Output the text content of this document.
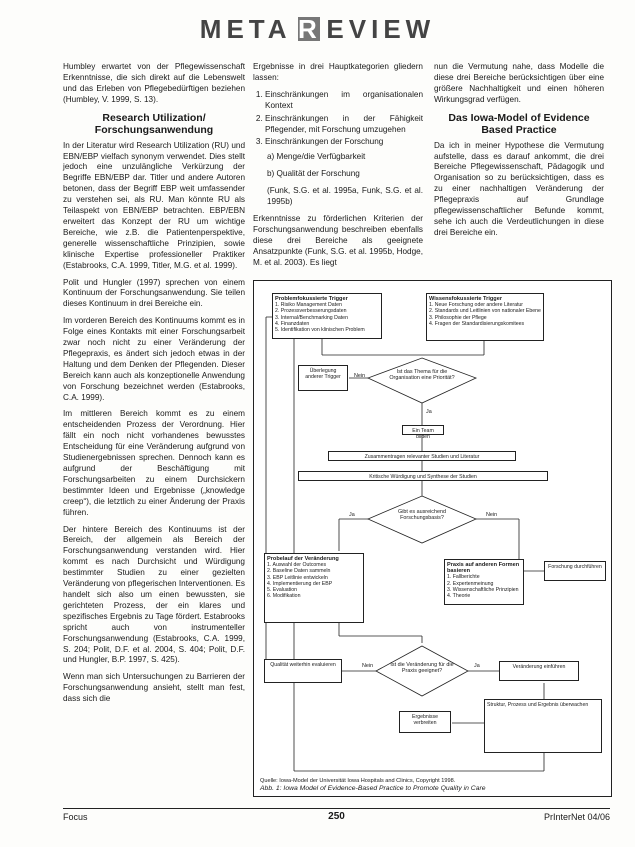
META R EVIEW

Humbley erwartet von der Pflegewissenschaft Erkenntnisse, die sich direkt auf die Lebenswelt und das Erleben von Pflegebedürftigen beziehen (Humbley, V. 1999, S. 13).

Research Utilization/ Forschungsanwendung

In der Literatur wird Research Utilization (RU) und EBN/EBP vielfach synonym verwendet. Dies stellt jedoch eine unzulängliche Verkürzung der Begriffe EBN/EBP dar. Titler und andere Autoren betonen, dass der Begriff EBP weit umfassender zu verstehen sei, als RU. Man könnte RU als Teilaspekt von EBN/EBP betrachten. EBP/EBN erweitert das Konzept der RU um wichtige Bereiche, wie z.B. die Patientenperspektive, generelle wissenschaftliche Prinzipien, sowie klinische Expertise professioneller Praktiker (Estabrooks, C.A. 1999, Titler, M.G. et al. 1999).

Polit und Hungler (1997) sprechen von einem Kontinuum der Forschungsanwendung. Sie teilen dieses Kontinuum in drei Bereiche ein.

Im vorderen Bereich des Kontinuums kommt es in Folge eines Kontakts mit einer Forschungsarbeit zwar noch nicht zu einer Veränderung der Pflegepraxis, es ändert sich jedoch etwas in der Haltung und dem Denken der Pflegenden. Dieser Bereich kann auch als konzeptionelle Anwendung von Forschung bezeichnet werden (Estabrooks, C.A. 1999).

Im mittleren Bereich kommt es zu einem entscheidenden Prozess der Verordnung. Hier fällt ein noch nicht vorhandenes bewusstes Entscheidung für eine Veränderung aufgrund von Studienergebnissen sprechen. Dennoch kann es aufgrund der Beschäftigung mit Forschungsarbeiten zu einem Durchsickern bestimmter Ideen und Ergebnisse („knowledge creep“), die letztlich zu einer Änderung der Praxis führen.

Der hintere Bereich des Kontinuums ist der Bereich, der allgemein als Bereich der Forschungsanwendung verstanden wird. Hier kommt es nach Durchsicht und Würdigung bestimmter Studien zu einer gezielten Veränderung von pflegerischen Interventionen. Es handelt sich also um einen bewussten, sie gerichteten Prozess, der ein klares und spezifisches Ergebnis zu Tage fördert. Estabrooks spricht auch von instrumenteller Forschungsanwendung (Estabrooks, C.A. 1999, S. 204; Polit, D.F. et al. 2004, S. 404; Polit, D.F. und Hungler, B.P. 1997, S. 425).

Wenn man sich Untersuchungen zu Barrieren der Forschungsanwendung ansieht, stellt man fest, dass sich die

Ergebnisse in drei Hauptkategorien gliedern lassen:

1. Einschränkungen im organisationalen Kontext
2. Einschränkungen in der Fähigkeit Pflegender, mit Forschung umzugehen
3. Einschränkungen der Forschung

a) Menge/die Verfügbarkeit

b) Qualität der Forschung

(Funk, S.G. et al. 1995a, Funk, S.G. et al. 1995b)

Erkenntnisse zu förderlichen Kriterien der Forschungsanwendung beschreiben ebenfalls diese drei Bereiche als geeignete Ansatzpunkte (Funk, S.G. et al. 1995b, Hodge, M. et al. 2003). Es liegt

nun die Vermutung nahe, dass Modelle die diese drei Bereiche berücksichtigen über eine größere Nachhaltigkeit und einen höheren Wirkungsgrad verfügen.

Das Iowa-Model of Evidence Based Practice

Da ich in meiner Hypothese die Vermutung aufstelle, dass es darauf ankommt, die drei Bereiche Pflegewissenschaft, Pädagogik und Organisation so zu berücksichtigen, dass es zu einer nachhaltigen Veränderung der Pflegepraxis auf Grundlage pflegewissenschaftlicher Befunde kommt, sehe ich auch die Verdeutlichungen in diese drei Bereiche ein.

Problemfokussierte Trigger
1. Risiko Management Daten
2. Prozessverbesserungsdaten
3. Internal/Benchmarking Daten
4. Finanzdaten
5. Identifikation von klinischen Problem
Wissensfokussierte Trigger
1. Neue Forschung oder andere Literatur
2. Standards und Leitlinien von nationaler Ebene
3. Philosophie der Pflege
4. Fragen der Standardisierungskomitees
Überlegung anderer Trigger
Ist das Thema für die Organisation eine Priorität?
Nein
Ja
Ein Team bilden
Zusammentragen relevanter Studien und Literatur
Kritische Würdigung und Synthese der Studien
Gibt es ausreichend Forschungsbasis?
Ja	Nein
Probelauf der Veränderung
1. Auswahl der Outcomes
2. Baseline Daten sammeln
3. EBP Leitlinie entwickeln
4. Implementierung der EBP
5. Evaluation
6. Modifikation
Praxis auf anderen Formen basieren
1. Fallberichte
2. Expertenmeinung
3. Wissenschaftliche Prinzipien
4. Theorie
Forschung durchführen
Ist die Veränderung für die Praxis geeignet?
Nein	Ja
Qualität weiterhin evaluieren	Veränderung einführen
Struktur, Prozess und Ergebnis überwachen
Ergebnisse verbreiten
Quelle: Iowa-Model der Universität Iowa Hospitals and Clinics, Copyright 1998.
Abb. 1: Iowa Model of Evidence-Based Practice to Promote Quality in Care
Focus	250	PrInterNet 04/06
